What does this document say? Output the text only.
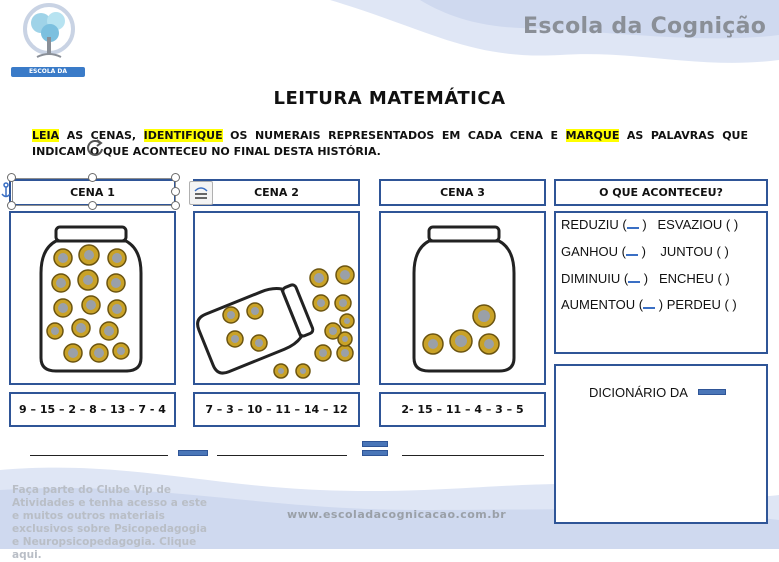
ESCOLA DA COGNIÇÃO
Escola da Cognição
LEITURA MATEMÁTICA
LEIA AS CENAS, IDENTIFIQUE OS NUMERAIS REPRESENTADOS EM CADA CENA E MARQUE AS PALAVRAS QUE INDICAM O QUE ACONTECEU NO FINAL DESTA HISTÓRIA.
CENA 1	CENA 2	CENA 3	O QUE ACONTECEU?
9 – 15 – 2 – 8 – 13 – 7 - 4	7 – 3 – 10 – 11 – 14 – 12	2- 15 – 11 – 4 – 3 – 5
REDUZIU ( ) ESVAZIOU ( )
GANHOU ( ) JUNTOU ( )
DIMINUIU ( ) ENCHEU ( )
AUMENTOU ( ) PERDEU ( )
DICIONÁRIO DA
Faça parte do Clube Vip de Atividades e tenha acesso a este e muitos outros materiais exclusivos sobre Psicopedagogia e Neuropsicopedagogia. Clique aqui.
www.escoladacognicacao.com.br
